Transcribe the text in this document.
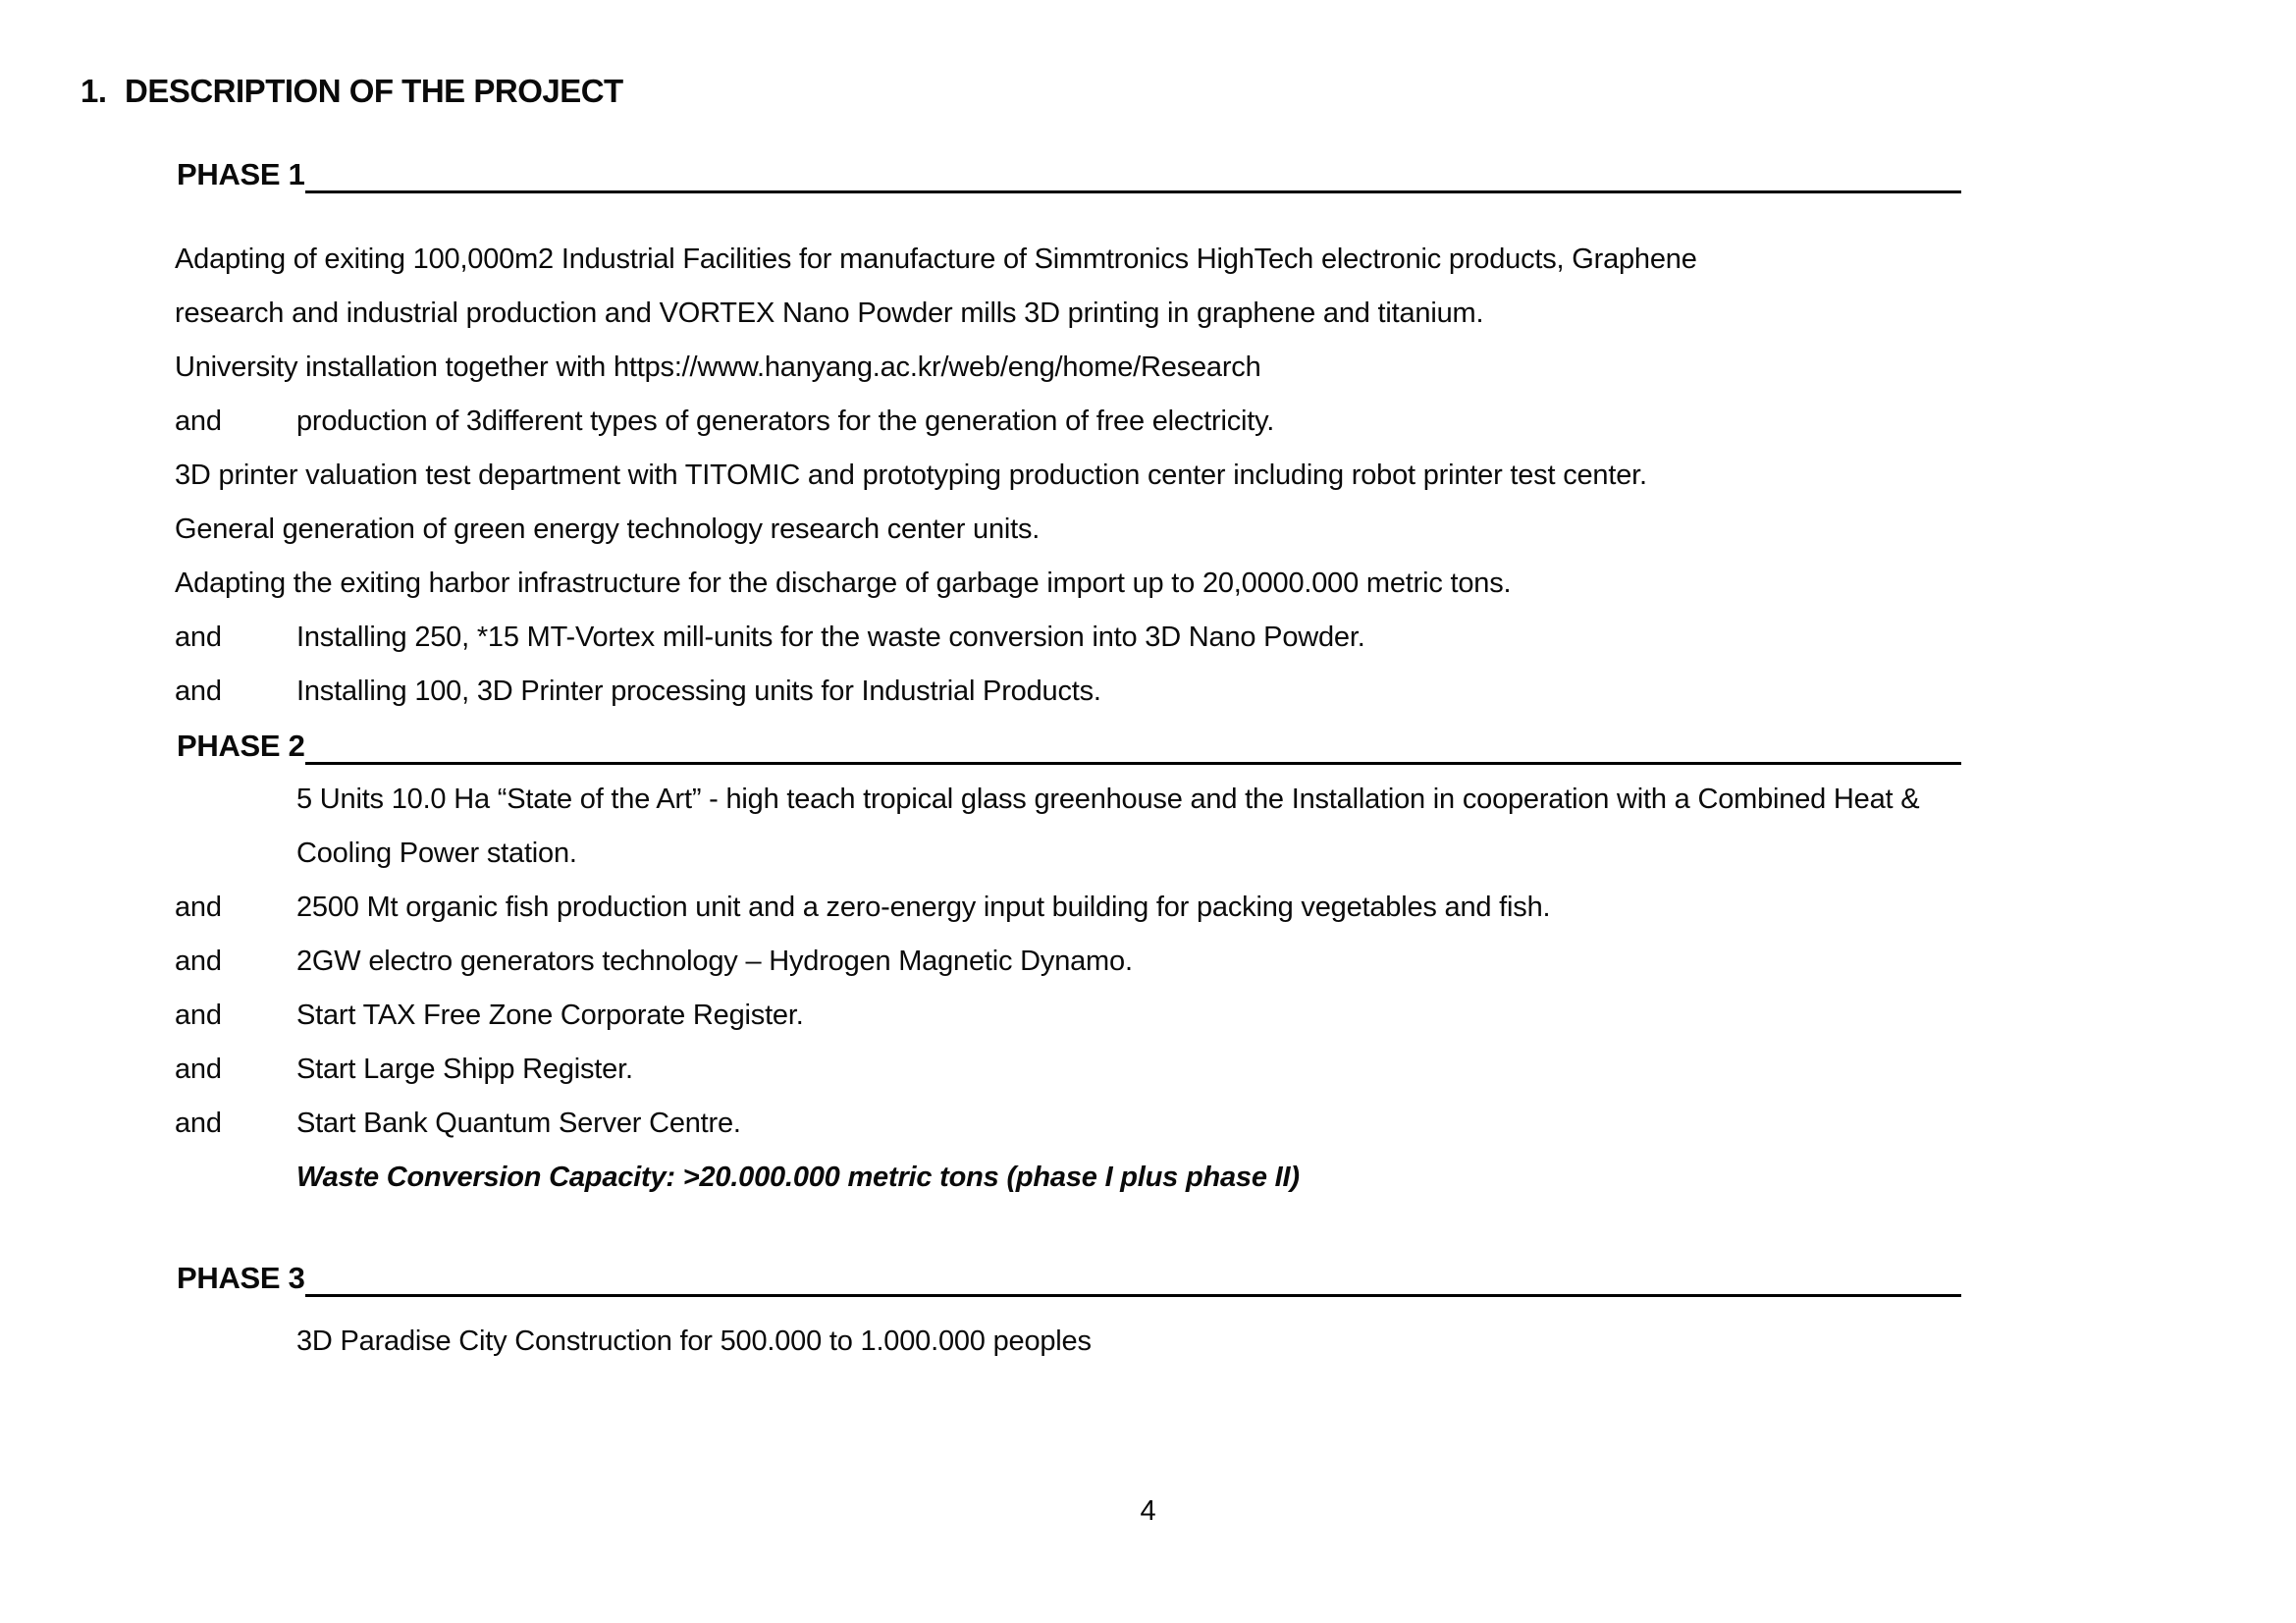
1. DESCRIPTION OF THE PROJECT
PHASE 1
Adapting of exiting 100,000m2 Industrial Facilities for manufacture of Simmtronics HighTech electronic products, Graphene
research and industrial production and VORTEX Nano Powder mills 3D printing in graphene and titanium.
University installation together with https://www.hanyang.ac.kr/web/eng/home/Research
and	production of 3different types of generators for the generation of free electricity.
3D printer valuation test department with TITOMIC and prototyping production center including robot printer test center.
General generation of green energy technology research center units.
Adapting the exiting harbor infrastructure for the discharge of garbage import up to 20,0000.000 metric tons.
and	Installing 250, *15 MT-Vortex mill-units for the waste conversion into 3D Nano Powder.
and	Installing 100, 3D Printer processing units for Industrial Products.
PHASE 2
5 Units 10.0 Ha “State of the Art” - high teach tropical glass greenhouse and the Installation in cooperation with a Combined Heat &
Cooling Power station.
and	2500 Mt organic fish production unit and a zero-energy input building for packing vegetables and fish.
and	2GW electro generators technology – Hydrogen Magnetic Dynamo.
and	Start TAX Free Zone Corporate Register.
and	Start Large Shipp Register.
and	Start Bank Quantum Server Centre.
Waste Conversion Capacity: >20.000.000 metric tons (phase I plus phase II)
PHASE 3
3D Paradise City Construction for 500.000 to 1.000.000 peoples
4
